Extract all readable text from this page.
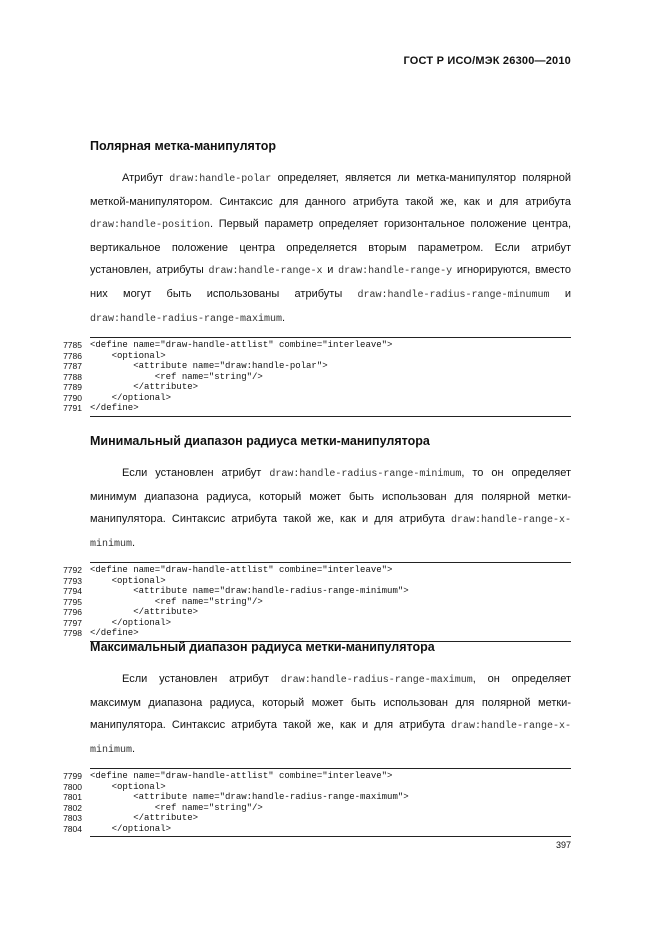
ГОСТ Р ИСО/МЭК 26300—2010
Полярная метка-манипулятор

Атрибут draw:handle-polar определяет, является ли метка-манипулятор полярной меткой-манипулятором. Синтаксис для данного атрибута такой же, как и для атрибута draw:handle-position. Первый параметр определяет горизонтальное положение центра, вертикальное положение центра определяется вторым параметром. Если атрибут установлен, атрибуты draw:handle-range-x и draw:handle-range-y игнорируются, вместо них могут быть использованы атрибуты draw:handle-radius-range-minumum и draw:handle-radius-range-maximum.

7785 <define name="draw-handle-attlist" combine="interleave">
7786 <optional>
7787 <attribute name="draw:handle-polar">
7788 <ref name="string"/>
7789 </attribute>
7790 </optional>
7791 </define>
Минимальный диапазон радиуса метки-манипулятора

Если установлен атрибут draw:handle-radius-range-minimum, то он определяет минимум диапазона радиуса, который может быть использован для полярной метки-манипулятора. Синтаксис атрибута такой же, как и для атрибута draw:handle-range-x-minimum.

7792 <define name="draw-handle-attlist" combine="interleave">
7793 <optional>
7794 <attribute name="draw:handle-radius-range-minimum">
7795 <ref name="string"/>
7796 </attribute>
7797 </optional>
7798 </define>
Максимальный диапазон радиуса метки-манипулятора

Если установлен атрибут draw:handle-radius-range-maximum, он определяет максимум диапазона радиуса, который может быть использован для полярной метки-манипулятора. Синтаксис атрибута такой же, как и для атрибута draw:handle-range-x-minimum.

7799 <define name="draw-handle-attlist" combine="interleave">
7800 <optional>
7801 <attribute name="draw:handle-radius-range-maximum">
7802 <ref name="string"/>
7803 </attribute>
7804 </optional>
397
